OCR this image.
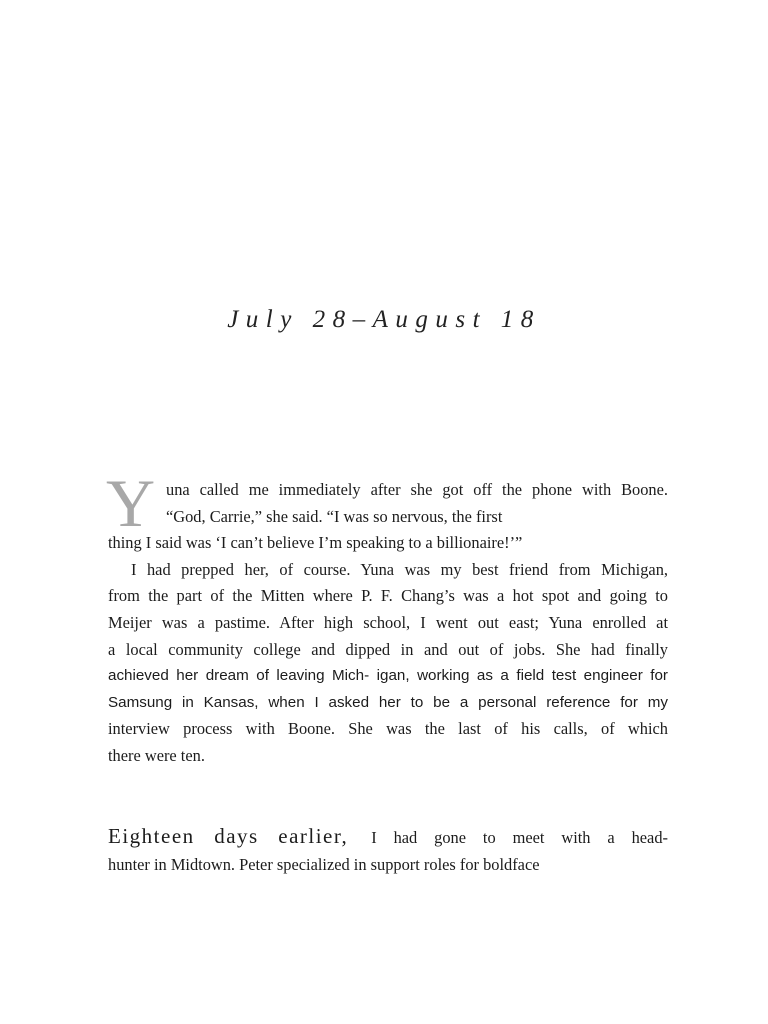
July 28–August 18
Y una called me immediately after she got off the phone with Boone.
“God, Carrie,” she said. “I was so nervous, the first
thing I said was ‘I can’t believe I’m speaking to a billionaire!’”
I had prepped her, of course. Yuna was my best friend from Michigan,
from the part of the Mitten where P. F. Chang’s was a hot spot and going to
Meijer was a pastime. After high school, I went out east; Yuna enrolled at
a local community college and dipped in and out of jobs. She had finally
achieved her dream of leaving Mich- igan, working as a field test engineer for
Samsung in Kansas, when I asked her to be a personal reference for my
interview process with Boone. She was the last of his calls, of which
there were ten.
Eighteen days earlier, I had gone to meet with a head-
hunter in Midtown. Peter specialized in support roles for boldface
